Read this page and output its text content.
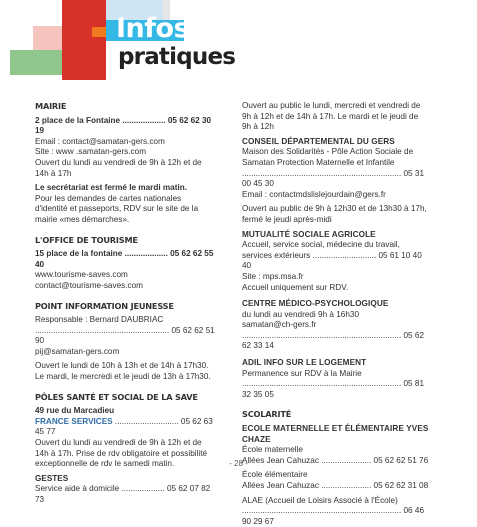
Infos
pratiques

MAIRIE

2 place de la Fontaine ................... 05 62 62 30 19

Email : contact@samatan-gers.com

Site : www .samatan-gers.com

Ouvert du lundi au vendredi de 9h à 12h et de 14h à 17h

Le secrétariat est fermé le mardi matin.

Pour les demandes de cartes nationales d'identité et passeports, RDV sur le site de la mairie «mes démarches».

L'OFFICE DE TOURISME

15 place de la fontaine ................... 05 62 62 55 40

www.tourisme-saves.com

contact@tourisme-saves.com

POINT INFORMATION JEUNESSE

Responsable : Bernard DAUBRIAC

........................................................... 05 62 62 51 90

pij@samatan-gers.com

Ouvert le lundi de 10h à 13h et de 14h à 17h30. Le mardi, le mercredi et le jeudi de 13h à 17h30.

PÔLES SANTÉ ET SOCIAL DE LA SAVE

49 rue du Marcadieu

FRANCE SERVICES ............................ 05 62 63 45 77

Ouvert du lundi au vendredi de 9h à 12h et de 14h à 17h. Prise de rdv obligatoire et possibilité exceptionnelle de rdv le samedi matin.

GESTES

Service aide à domicile ................... 05 62 07 82 73

Ouvert au public le lundi, mercredi et vendredi de 9h à 12h et de 14h à 17h. Le mardi et le jeudi de 9h à 12h

CONSEIL DÉPARTEMENTAL DU GERS

Maison des Solidarités - Pôle Action Sociale de Samatan Protection Maternelle et Infantile

...................................................................... 05 31 00 45 30

Email : contactmdslislejourdain@gers.fr

Ouvert au public de 9h à 12h30 et de 13h30 à 17h, fermé le jeudi après-midi

MUTUALITÉ SOCIALE AGRICOLE

Accueil, service social, médecine du travail, services extérieurs ............................ 05 61 10 40 40

Site : mps.msa.fr

Accueil uniquement sur RDV.

CENTRE MÉDICO-PSYCHOLOGIQUE

du lundi au vendredi 9h à 16h30

samatan@ch-gers.fr

...................................................................... 05 62 62 33 14

ADIL INFO SUR LE LOGEMENT

Permanence sur RDV à la Mairie

...................................................................... 05 81 32 35 05

SCOLARITÉ

ECOLE MATERNELLE ET ÉLÉMENTAIRE YVES CHAZE

École maternelle

Allées Jean Cahuzac ...................... 05 62 62 51 76

École élémentaire

Allées Jean Cahuzac ...................... 05 62 62 31 08

ALAE (Accueil de Loisirs Associé à l'École)

...................................................................... 06 46 90 29 67

- 28 -
